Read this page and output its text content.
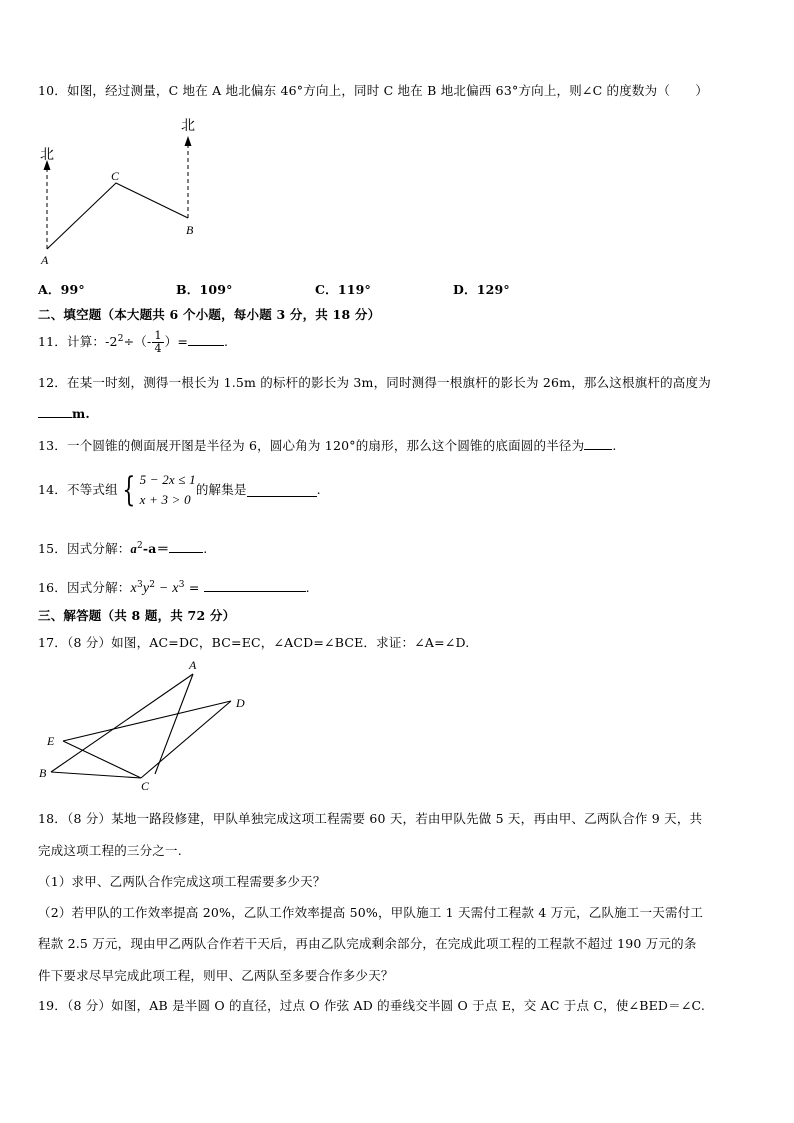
10．如图，经过测量，C 地在 A 地北偏东 46°方向上，同时 C 地在 B 地北偏西 63°方向上，则∠C 的度数为（　　）
北
北
A
C
B
A．99°	B．109°	C．119°	D．129°
二、填空题（本大题共 6 个小题，每小题 3 分，共 18 分）
11．计算：$-2^2\div(- \frac{1}{4}$ ）=	.
12．在某一时刻，测得一根长为 1.5m 的标杆的影长为 3m，同时测得一根旗杆的影长为 26m，那么这根旗杆的高度为
m.
13．一个圆锥的侧面展开图是半径为 6，圆心角为 120°的扇形，那么这个圆锥的底面圆的半径为 .
14．不等式组 { 5 − 2x ≤ 1
x + 3 > 0
的解集是	.
15．因式分解：$a^2-a=$	.
16．因式分解：$x^3y^2 - x^3$ =	.
三、解答题（共 8 题，共 72 分）
17．（8 分）如图，AC=DC，BC=EC，∠ACD=∠BCE．求证：∠A=∠D.
A
D
E
B
C
18．（8 分）某地一路段修建，甲队单独完成这项工程需要 60 天，若由甲队先做 5 天，再由甲、乙两队合作 9 天，共
完成这项工程的三分之一.
（1）求甲、乙两队合作完成这项工程需要多少天？
（2）若甲队的工作效率提高 20%，乙队工作效率提高 50%，甲队施工 1 天需付工程款 4 万元，乙队施工一天需付工
程款 2.5 万元，现由甲乙两队合作若干天后，再由乙队完成剩余部分，在完成此项工程的工程款不超过 190 万元的条
件下要求尽早完成此项工程，则甲、乙两队至多要合作多少天？
19．（8 分）如图，AB 是半圆 O 的直径，过点 O 作弦 AD 的垂线交半圆 O 于点 E，交 AC 于点 C，使∠BED＝∠C.
